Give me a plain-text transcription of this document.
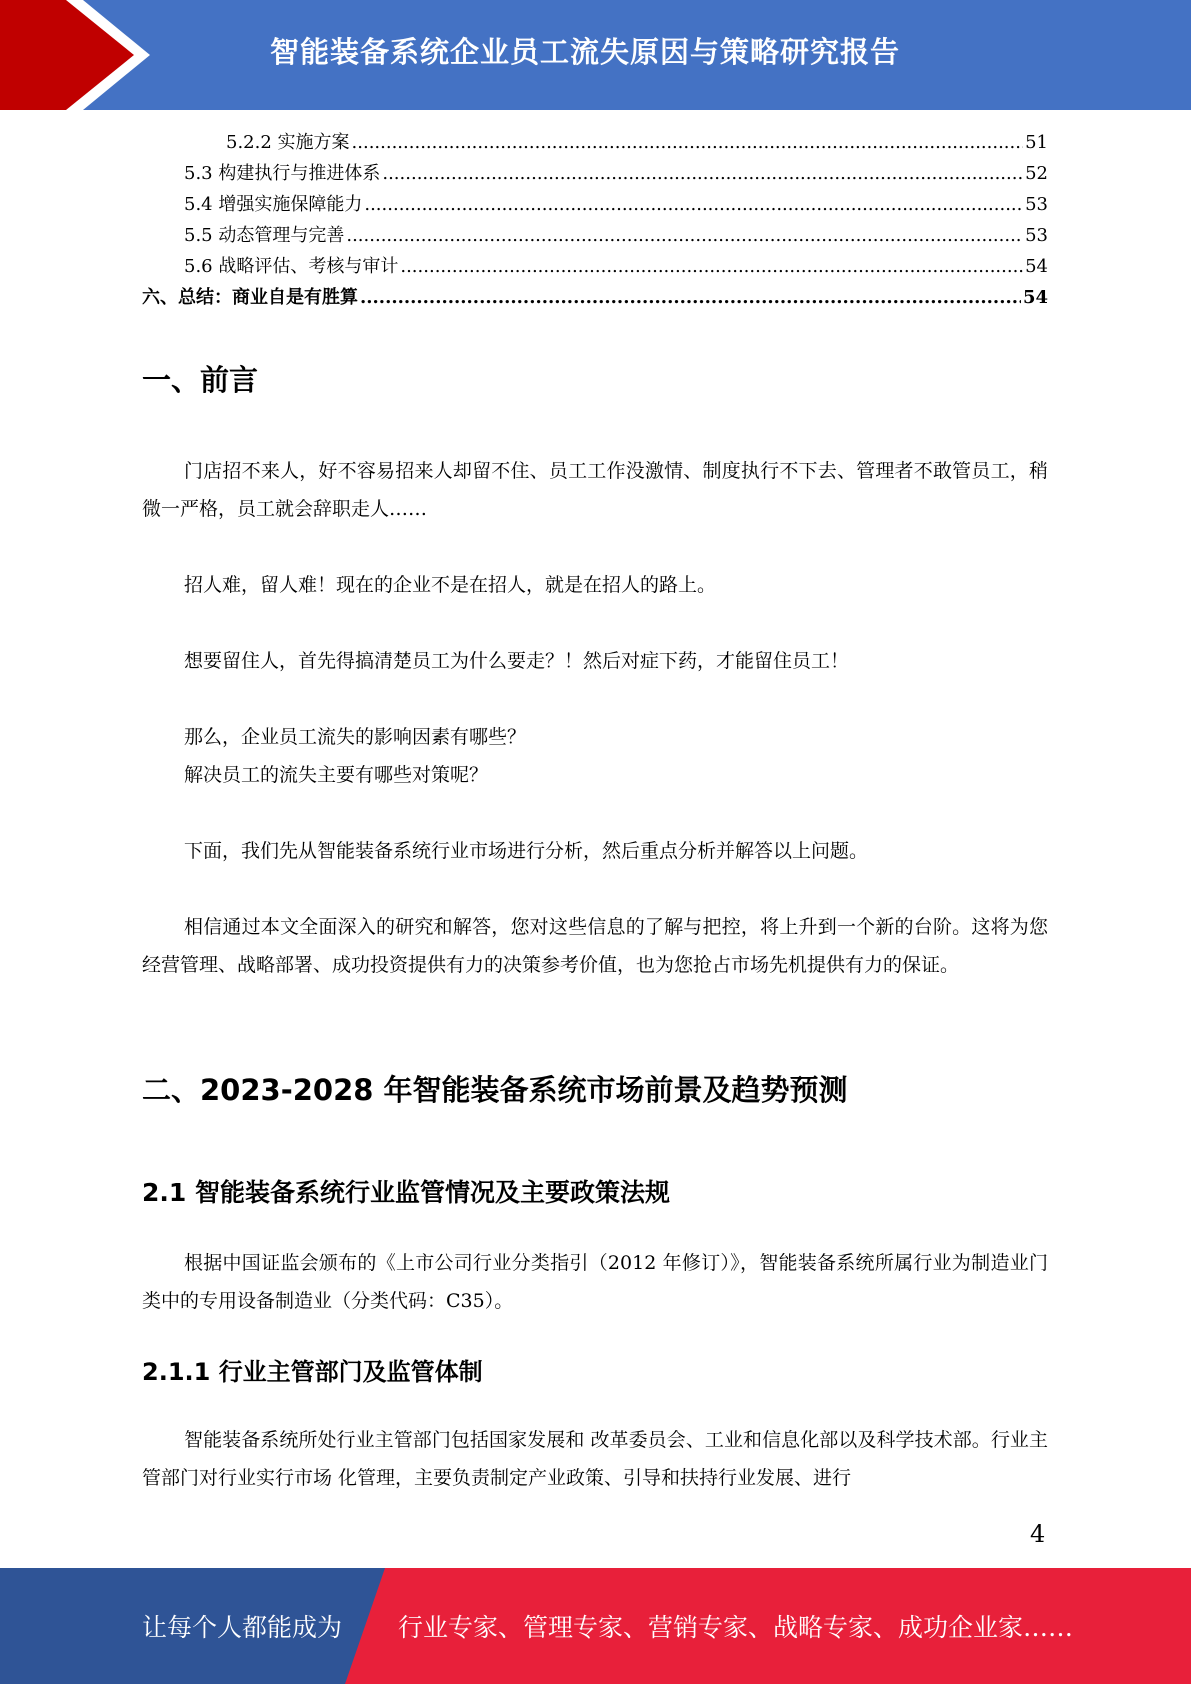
智能装备系统企业员工流失原因与策略研究报告
5.2.2 实施方案 .....	51
5.3 构建执行与推进体系 .....	52
5.4 增强实施保障能力 .....	53
5.5 动态管理与完善 .....	53
5.6 战略评估、考核与审计 .....	54
六、总结：商业自是有胜算 .....	54
一、前言
门店招不来人，好不容易招来人却留不住、员工工作没激情、制度执行不下去、管理者不敢管员工，稍微一严格，员工就会辞职走人……
招人难，留人难！现在的企业不是在招人，就是在招人的路上。
想要留住人，首先得搞清楚员工为什么要走？！然后对症下药，才能留住员工！
那么，企业员工流失的影响因素有哪些？
解决员工的流失主要有哪些对策呢？
下面，我们先从智能装备系统行业市场进行分析，然后重点分析并解答以上问题。
相信通过本文全面深入的研究和解答，您对这些信息的了解与把控，将上升到一个新的台阶。这将为您经营管理、战略部署、成功投资提供有力的决策参考价值，也为您抢占市场先机提供有力的保证。
二、2023-2028 年智能装备系统市场前景及趋势预测
2.1 智能装备系统行业监管情况及主要政策法规
根据中国证监会颁布的《上市公司行业分类指引（2012 年修订）》，智能装备系统所属行业为制造业门类中的专用设备制造业（分类代码：C35）。
2.1.1 行业主管部门及监管体制
智能装备系统所处行业主管部门包括国家发展和 改革委员会、工业和信息化部以及科学技术部。行业主管部门对行业实行市场 化管理，主要负责制定产业政策、引导和扶持行业发展、进行
4
让每个人都能成为 行业专家、管理专家、营销专家、战略专家、成功企业家……
